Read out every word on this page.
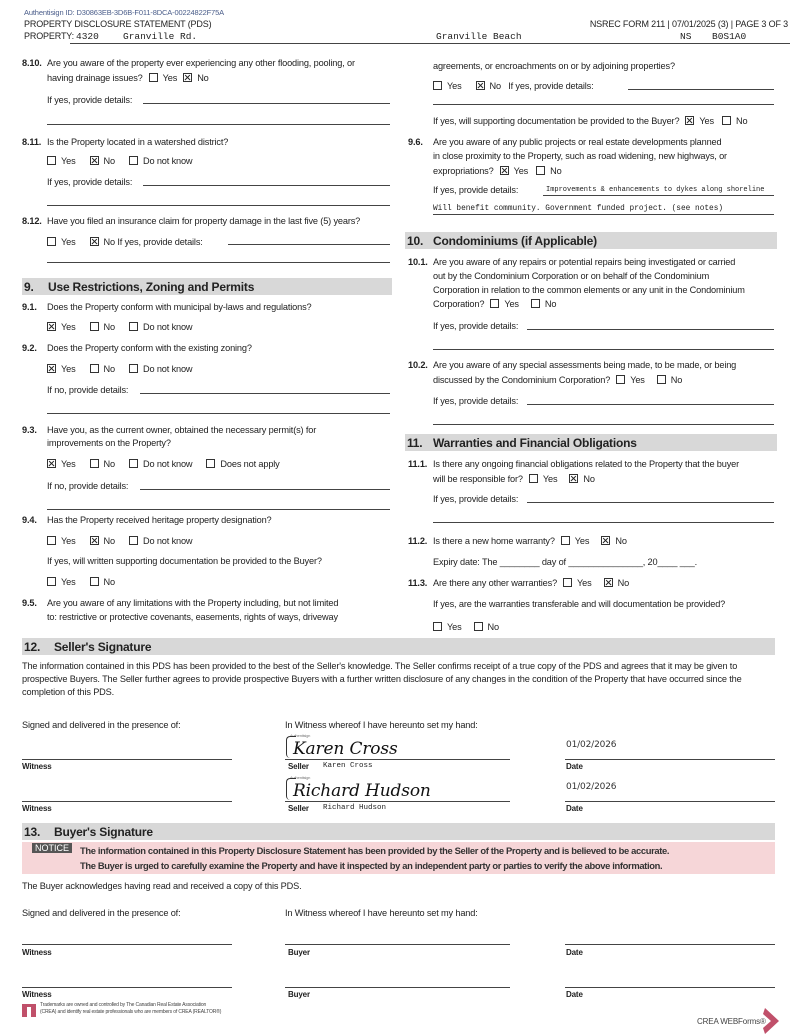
Authentisign ID: D30863EB-3D6B-F011-8DCA-00224822F75A
PROPERTY DISCLOSURE STATEMENT (PDS)	NSREC FORM 211 | 07/01/2025 (3) | PAGE 3 OF 3
PROPERTY: 4320	Granville Rd.	Granville Beach	NS B0S1A0
8.10. Are you aware of the property ever experiencing any other flooding, pooling, or
having drainage issues? Yes No
If yes, provide details:
8.11. Is the Property located in a watershed district?
Yes	No	Do not know
If yes, provide details:
8.12. Have you filed an insurance claim for property damage in the last five (5) years?
Yes	No If yes, provide details:
9. Use Restrictions, Zoning and Permits
9.1. Does the Property conform with municipal by-laws and regulations?
Yes	No	Do not know
9.2. Does the Property conform with the existing zoning?
Yes	No	Do not know
If no, provide details:
9.3. Have you, as the current owner, obtained the necessary permit(s) for
improvements on the Property?
Yes	No	Do not know	Does not apply
If no, provide details:
9.4. Has the Property received heritage property designation?
Yes	No	Do not know
If yes, will written supporting documentation be provided to the Buyer?
Yes	No
9.5. Are you aware of any limitations with the Property including, but not limited
to: restrictive or protective covenants, easements, rights of ways, driveway
agreements, or encroachments on or by adjoining properties?
Yes	No If yes, provide details:
If yes, will supporting documentation be provided to the Buyer? Yes No
9.6. Are you aware of any public projects or real estate developments planned
in close proximity to the Property, such as road widening, new highways, or
expropriations? Yes No
If yes, provide details:	Improvements & enhancements to dykes along shoreline
Will benefit community. Government funded project. (see notes)
10. Condominiums (if Applicable)
10.1. Are you aware of any repairs or potential repairs being investigated or carried
out by the Condominium Corporation or on behalf of the Condominium
Corporation in relation to the common elements or any unit in the Condominium
Corporation? Yes	No
If yes, provide details:
10.2. Are you aware of any special assessments being made, to be made, or being
discussed by the Condominium Corporation? Yes	No
If yes, provide details:
11. Warranties and Financial Obligations
11.1. Is there any ongoing financial obligations related to the Property that the buyer
will be responsible for? Yes	No
If yes, provide details:
11.2. Is there a new home warranty? Yes	No
Expiry date: The ________ day of _______________, 20____ ___.
11.3. Are there any other warranties? Yes	No
If yes, are the warranties transferable and will documentation be provided?
Yes	No
12. Seller's Signature
The information contained in this PDS has been provided to the best of the Seller's knowledge. The Seller confirms receipt of a true copy of the PDS and agrees that it may be given to prospective Buyers. The Seller further agrees to provide prospective Buyers with a further written disclosure of any changes in the condition of the Property that have occurred since the completion of this PDS.
Signed and delivered in the presence of:	In Witness whereof I have hereunto set my hand:
Witness
Authentisign
Karen Cross
Seller Karen Cross
01/02/2026
Date
Witness
Authentisign
Richard Hudson
Seller Richard Hudson
01/02/2026
Date
13. Buyer's Signature
NOTICE	The information contained in this Property Disclosure Statement has been provided by the Seller of the Property and is believed to be accurate.
The Buyer is urged to carefully examine the Property and have it inspected by an independent party or parties to verify the above information.
The Buyer acknowledges having read and received a copy of this PDS.
Signed and delivered in the presence of:	In Witness whereof I have hereunto set my hand:
Witness	Buyer	Date
Witness	Buyer	Date
Trademarks are owned and controlled by The Canadian Real Estate Association
(CREA) and identify real estate professionals who are members of CREA (REALTOR®)
CREA WEBForms®
